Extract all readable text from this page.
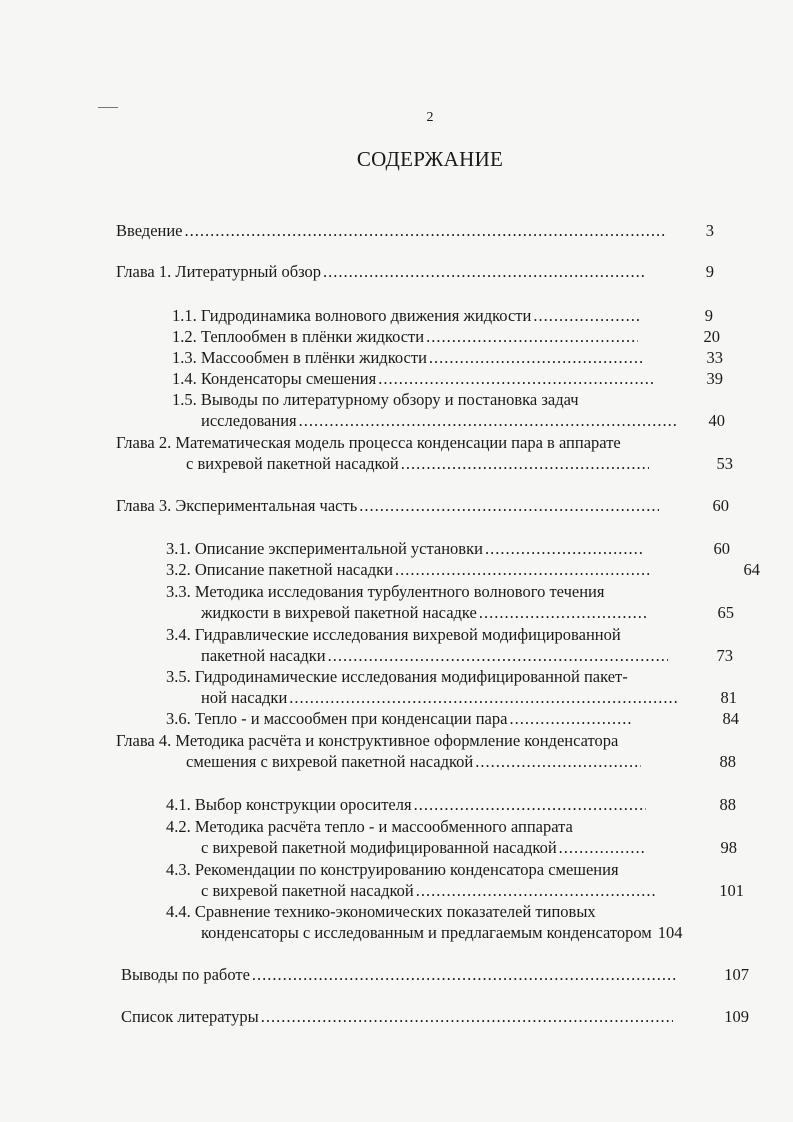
2
СОДЕРЖАНИЕ
Введение .....	3
Глава 1. Литературный обзор .....	9
1.1. Гидродинамика волнового движения жидкости .....	9
1.2. Теплообмен в плёнки жидкости .....	20
1.3. Массообмен в плёнки жидкости .....	33
1.4. Конденсаторы смешения .....	39
1.5. Выводы по литературному обзору и постановка задач
исследования .....	40
Глава 2. Математическая модель процесса конденсации пара в аппарате
с вихревой пакетной насадкой .....	53
Глава 3. Экспериментальная часть .....	60
3.1. Описание экспериментальной установки .....	60
3.2. Описание пакетной насадки .....	64
3.3. Методика исследования турбулентного волнового течения
жидкости в вихревой пакетной насадке .....	65
3.4. Гидравлические исследования вихревой модифицированной
пакетной насадки .....	73
3.5. Гидродинамические исследования модифицированной пакет-
ной насадки .....	81
3.6. Тепло - и массообмен при конденсации пара .....	84
Глава 4. Методика расчёта и конструктивное оформление конденсатора
смешения с вихревой пакетной насадкой .....	88
4.1. Выбор конструкции оросителя .....	88
4.2. Методика расчёта тепло - и массообменного аппарата
с вихревой пакетной модифицированной насадкой .....	98
4.3. Рекомендации по конструированию конденсатора смешения
с вихревой пакетной насадкой .....	101
4.4. Сравнение технико-экономических показателей типовых
конденсаторы с исследованным и предлагаемым конденсатором 104
Выводы по работе .....	107
Список литературы .....	109
